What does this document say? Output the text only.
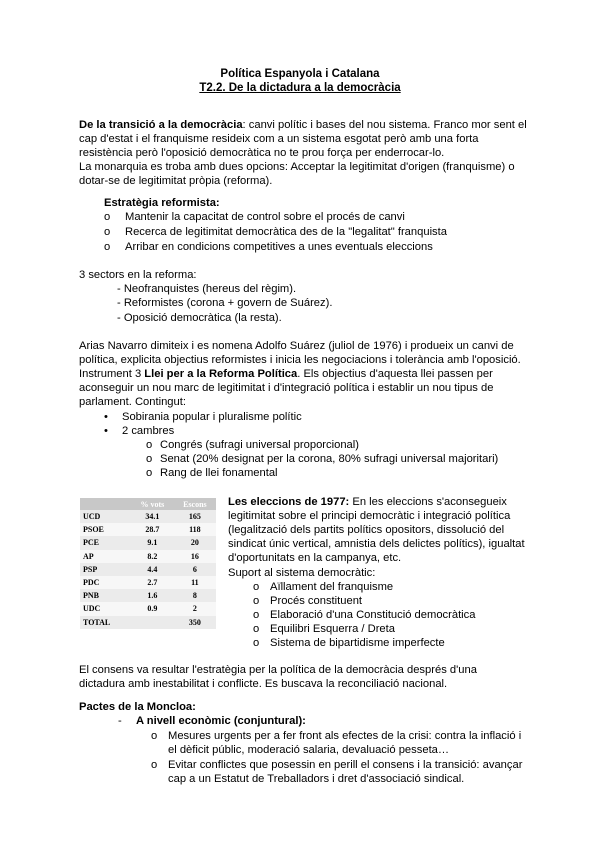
Política Espanyola i Catalana
T2.2. De la dictadura a la democràcia
De la transició a la democràcia: canvi polític i bases del nou sistema. Franco mor sent el
cap d'estat i el franquisme resideix com a un sistema esgotat però amb una forta
resistència però l'oposició democràtica no te prou força per enderrocar-lo.
La monarquia es troba amb dues opcions: Acceptar la legitimitat d'origen (franquisme) o
dotar-se de legitimitat pròpia (reforma).
Estratègia reformista:
o Mantenir la capacitat de control sobre el procés de canvi
o Recerca de legitimitat democràtica des de la "legalitat" franquista
o Arribar en condicions competitives a unes eventuals eleccions
3 sectors en la reforma:
- Neofranquistes (hereus del règim).
- Reformistes (corona + govern de Suárez).
- Oposició democràtica (la resta).
Arias Navarro dimiteix i es nomena Adolfo Suárez (juliol de 1976) i produeix un canvi de
política, explicita objectius reformistes i inicia les negociacions i tolerància amb l'oposició.
Instrument 3 Llei per a la Reforma Política. Els objectius d'aquesta llei passen per
aconseguir un nou marc de legitimitat i d'integració política i establir un nou tipus de
parlament. Contingut:
• Sobirania popular i pluralisme polític
• 2 cambres
o Congrés (sufragi universal proporcional)
o Senat (20% designat per la corona, 80% sufragi universal majoritari)
o Rang de llei fonamental
	% vots	Escons
UCD	34.1	165
PSOE	28.7	118
PCE	9.1	20
AP	8.2	16
PSP	4.4	6
PDC	2.7	11
PNB	1.6	8
UDC	0.9	2
TOTAL		350
Les eleccions de 1977: En les eleccions s'aconsegueix
legitimitat sobre el principi democràtic i integració política
(legalització dels partits polítics opositors, dissolució del
sindicat únic vertical, amnistia dels delictes polítics), igualtat
d'oportunitats en la campanya, etc.
Suport al sistema democràtic:
o Aïllament del franquisme
o Procés constituent
o Elaboració d'una Constitució democràtica
o Equilibri Esquerra / Dreta
o Sistema de bipartidisme imperfecte
El consens va resultar l'estratègia per la política de la democràcia després d'una
dictadura amb inestabilitat i conflicte. Es buscava la reconciliació nacional.
Pactes de la Moncloa:
- A nivell econòmic (conjuntural):
o Mesures urgents per a fer front als efectes de la crisi: contra la inflació i
el dèficit públic, moderació salaria, devaluació pesseta…
o Evitar conflictes que posessin en perill el consens i la transició: avançar
cap a un Estatut de Treballadors i dret d'associació sindical.
